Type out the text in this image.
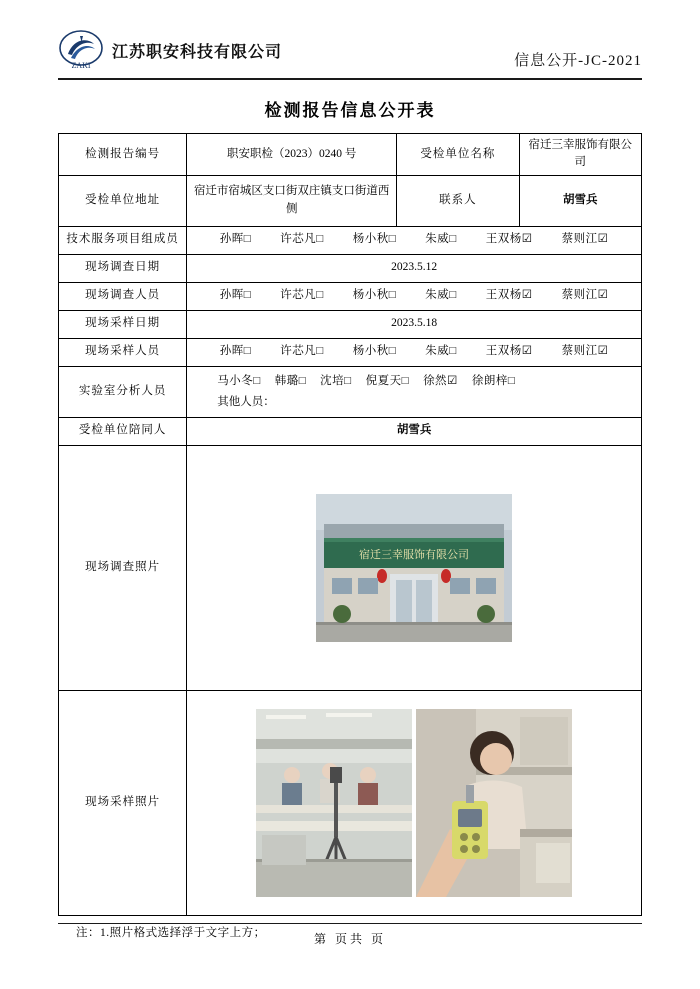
ZAKI
江苏职安科技有限公司
信息公开-JC-2021
检测报告信息公开表
检测报告编号	职安职检（2023）0240 号	受检单位名称	宿迁三幸服饰有限公司
受检单位地址	宿迁市宿城区支口街双庄镇支口街道西侧	联系人	胡雪兵
技术服务项目组成员	孙晖□	许芯凡□	杨小秋□	朱威□	王双杨☑	蔡则江☑

现场调查日期	2023.5.12		
现场调查人员	孙晖□	许芯凡□	杨小秋□	朱威□	王双杨☑	蔡则江☑

现场采样日期	2023.5.18		
现场采样人员	孙晖□	许芯凡□	杨小秋□	朱威□	王双杨☑	蔡则江☑

实验室分析人员	马小冬□ 韩璐□ 沈培□ 倪夏天□ 徐然☑ 徐朗梓□
其他人员：		

受检单位陪同人	胡雪兵		
现场调查照片	宿迁三幸服饰有限公司		

现场采样照片	
注：1.照片格式选择浮于文字上方；	第 页共 页
